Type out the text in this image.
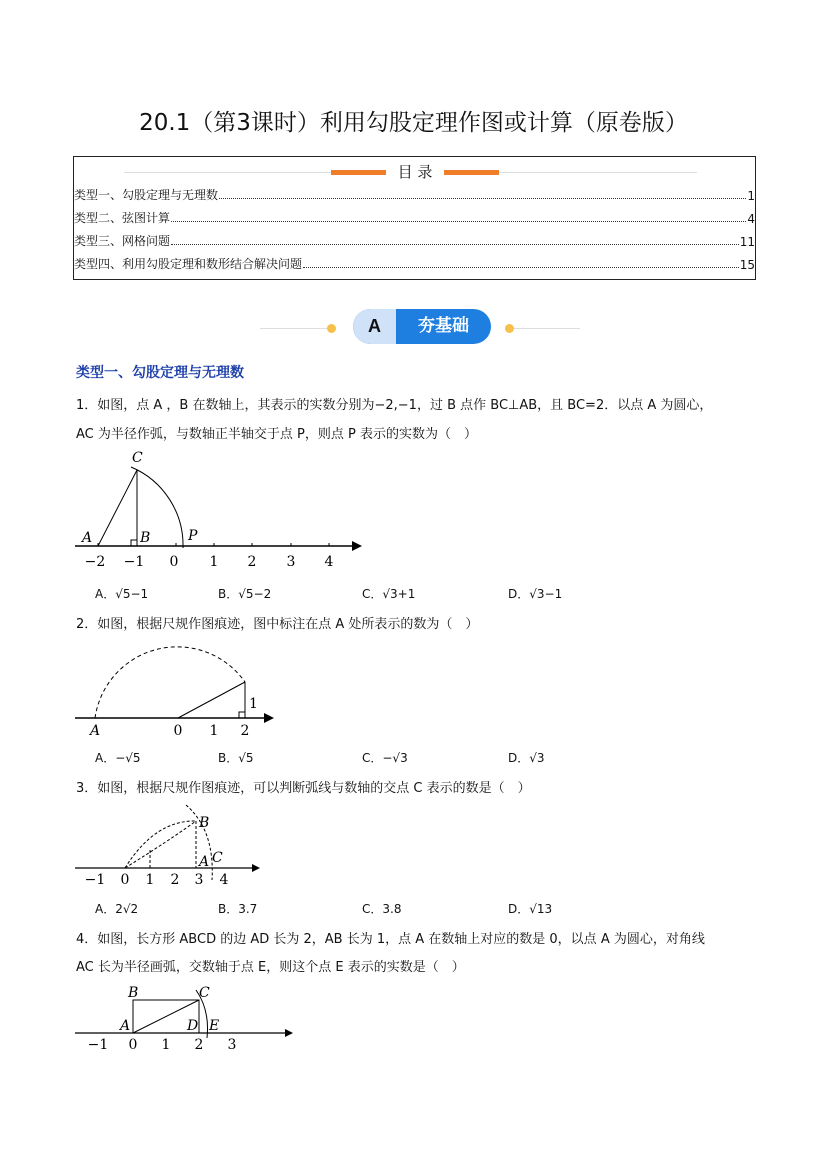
20.1（第3课时）利用勾股定理作图或计算（原卷版）
目 录
类型一、勾股定理与无理数	1
类型二、弦图计算	4
类型三、网格问题	11
类型四、利用勾股定理和数形结合解决问题	15
A	夯基础
类型一、勾股定理与无理数
1．如图，点 A ，B 在数轴上，其表示的实数分别为−2,−1，过 B 点作 BC⊥AB，且 BC=2．以点 A 为圆心，
AC 为半径作弧，与数轴正半轴交于点 P，则点 P 表示的实数为（　）
A	B
C
P
−2 −1 0 1 2 3 4
A．√5−1	B．√5−2	C．√3+1	D．√3−1
2．如图，根据尺规作图痕迹，图中标注在点 A 处所表示的数为（　）
A
1
0 1 2
A．−√5	B．√5	C．−√3	D．√3
3．如图，根据尺规作图痕迹，可以判断弧线与数轴的交点 C 表示的数是（　）
B
A C
−1 0 1 2 3 4
A．2√2	B．3.7	C．3.8	D．√13
4．如图，长方形 ABCD 的边 AD 长为 2，AB 长为 1，点 A 在数轴上对应的数是 0，以点 A 为圆心，对角线
AC 长为半径画弧，交数轴于点 E，则这个点 E 表示的实数是（　）
B	C
A	D E
−1 0 1 2 3
